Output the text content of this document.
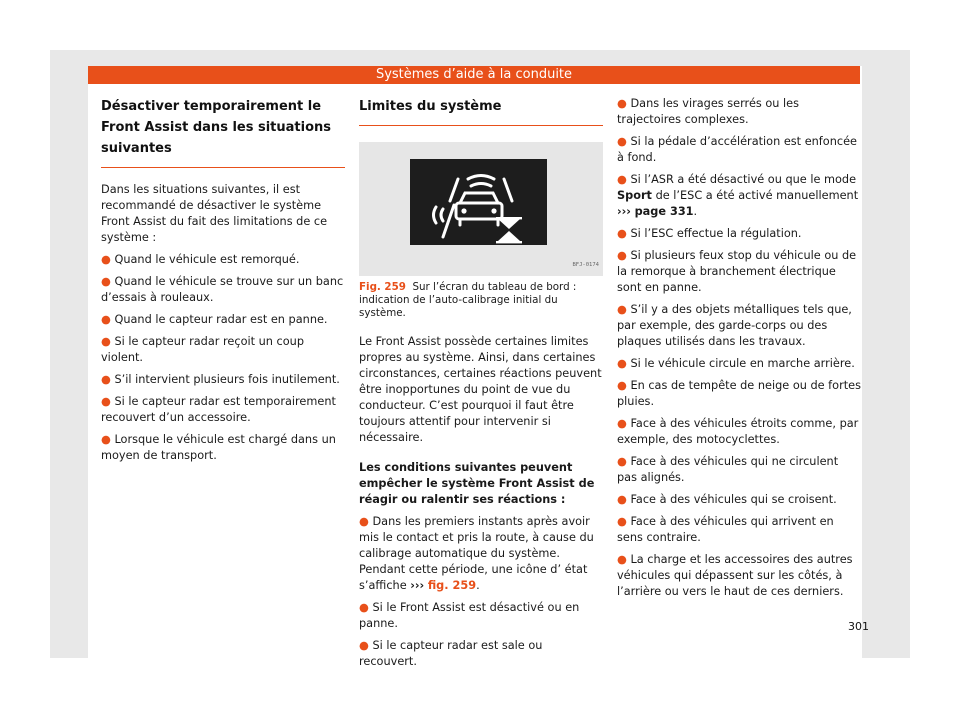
Systèmes d’aide à la conduite
Désactiver temporairement le Front Assist dans les situations suivantes

Dans les situations suivantes, il est recommandé de désactiver le système Front Assist du fait des limitations de ce système :

● Quand le véhicule est remorqué.

● Quand le véhicule se trouve sur un banc d’essais à rouleaux.

● Quand le capteur radar est en panne.

● Si le capteur radar reçoit un coup violent.

● S’il intervient plusieurs fois inutilement.

● Si le capteur radar est temporairement recouvert d’un accessoire.

● Lorsque le véhicule est chargé dans un moyen de transport.

Limites du système
BFJ-0174

Fig. 259 Sur l’écran du tableau de bord : indication de l’auto-calibrage initial du système.

Le Front Assist possède certaines limites propres au système. Ainsi, dans certaines circonstances, certaines réactions peuvent être inopportunes du point de vue du conducteur. C’est pourquoi il faut être toujours attentif pour intervenir si nécessaire.

Les conditions suivantes peuvent empêcher le système Front Assist de réagir ou ralentir ses réactions :

● Dans les premiers instants après avoir mis le contact et pris la route, à cause du calibrage automatique du système. Pendant cette période, une icône d’ état s’affiche ››› fig. 259.

● Si le Front Assist est désactivé ou en panne.

● Si le capteur radar est sale ou recouvert.

● Dans les virages serrés ou les trajectoires complexes.

● Si la pédale d’accélération est enfoncée à fond.

● Si l’ASR a été désactivé ou que le mode Sport de l’ESC a été activé manuellement ››› page 331.

● Si l’ESC effectue la régulation.

● Si plusieurs feux stop du véhicule ou de la remorque à branchement électrique sont en panne.

● S’il y a des objets métalliques tels que, par exemple, des garde-corps ou des plaques utilisés dans les travaux.

● Si le véhicule circule en marche arrière.

● En cas de tempête de neige ou de fortes pluies.

● Face à des véhicules étroits comme, par exemple, des motocyclettes.

● Face à des véhicules qui ne circulent pas alignés.

● Face à des véhicules qui se croisent.

● Face à des véhicules qui arrivent en sens contraire.

● La charge et les accessoires des autres véhicules qui dépassent sur les côtés, à l’arrière ou vers le haut de ces derniers.

301
